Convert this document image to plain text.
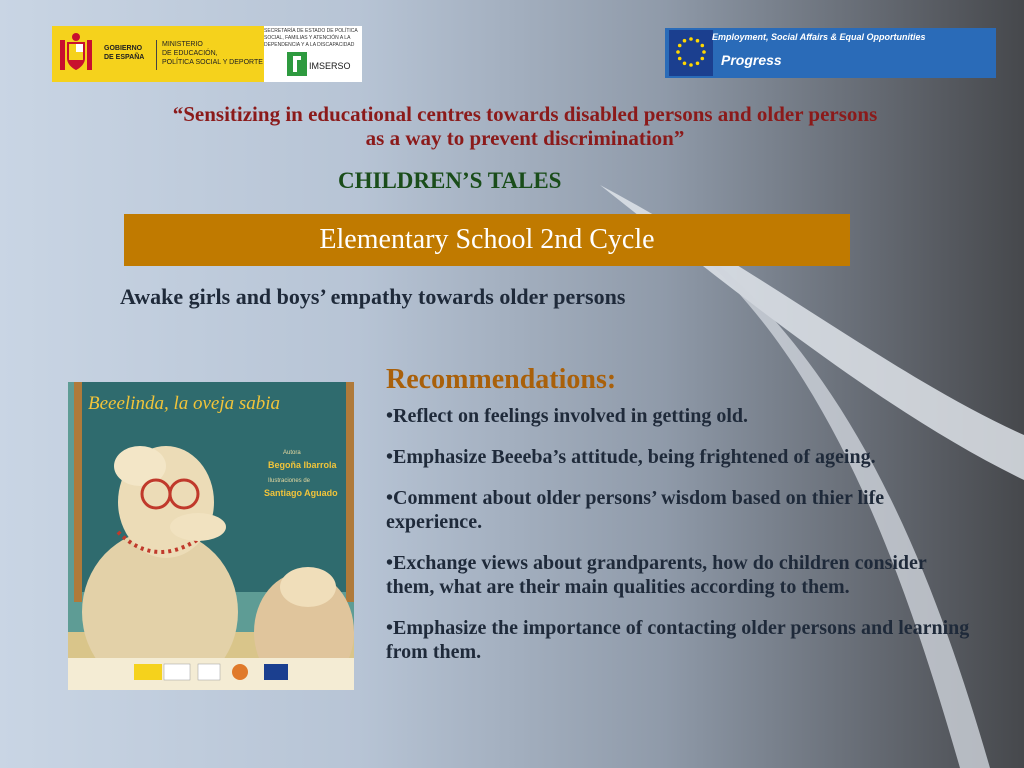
GOBIERNO
DE ESPAÑA
MINISTERIO
DE EDUCACIÓN,
POLÍTICA SOCIAL Y DEPORTE
SECRETARÍA DE ESTADO DE POLÍTICA
SOCIAL, FAMILIAS Y ATENCIÓN A LA
DEPENDENCIA Y A LA DISCAPACIDAD
IMSERSO
Employment, Social Affairs & Equal Opportunities
Progress
“Sensitizing in educational centres towards disabled persons and older persons
as a way to prevent discrimination”
CHILDREN’S TALES
Elementary School 2nd Cycle

Awake girls and boys’ empathy towards older persons

Beeelinda, la oveja sabia
Autora
Begoña Ibarrola
Ilustraciones de
Santiago Aguado
Recommendations:
•Reflect on feelings involved in getting old.
•Emphasize Beeeba’s attitude, being frightened of ageing.
•Comment about older persons’ wisdom based on thier life experience.
•Exchange views about grandparents, how do children consider them, what are their main qualities according to them.
•Emphasize the importance of contacting older persons and learning from them.
